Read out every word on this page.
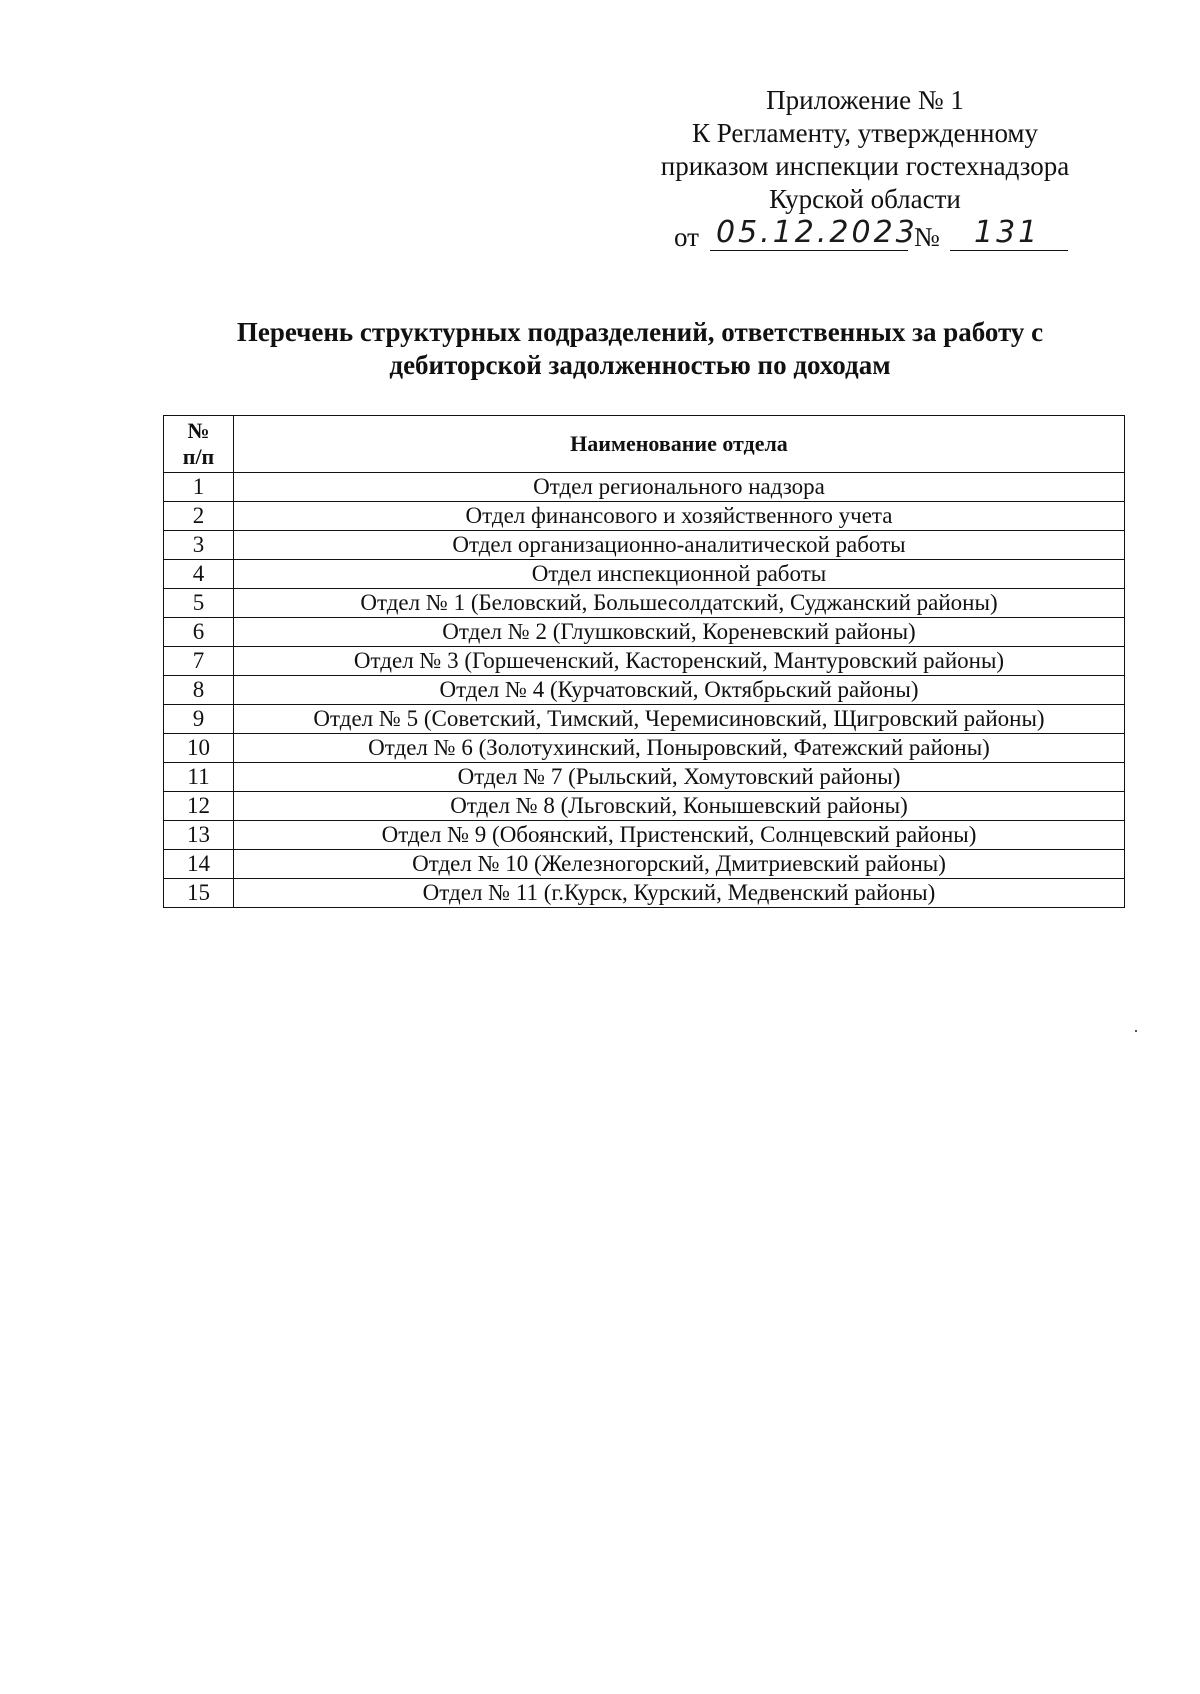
Приложение № 1
К Регламенту, утвержденному
приказом инспекции гостехнадзора
Курской области
от 05.12.2023
№ 131
Перечень структурных подразделений, ответственных за работу с
дебиторской задолженностью по доходам
№
п/п	Наименование отдела
1	Отдел регионального надзора
2	Отдел финансового и хозяйственного учета
3	Отдел организационно-аналитической работы
4	Отдел инспекционной работы
5	Отдел № 1 (Беловский, Большесолдатский, Суджанский районы)
6	Отдел № 2 (Глушковский, Кореневский районы)
7	Отдел № 3 (Горшеченский, Касторенский, Мантуровский районы)
8	Отдел № 4 (Курчатовский, Октябрьский районы)
9	Отдел № 5 (Советский, Тимский, Черемисиновский, Щигровский районы)
10	Отдел № 6 (Золотухинский, Поныровский, Фатежский районы)
11	Отдел № 7 (Рыльский, Хомутовский районы)
12	Отдел № 8 (Льговский, Конышевский районы)
13	Отдел № 9 (Обоянский, Пристенский, Солнцевский районы)
14	Отдел № 10 (Железногорский, Дмитриевский районы)
15	Отдел № 11 (г.Курск, Курский, Медвенский районы)
